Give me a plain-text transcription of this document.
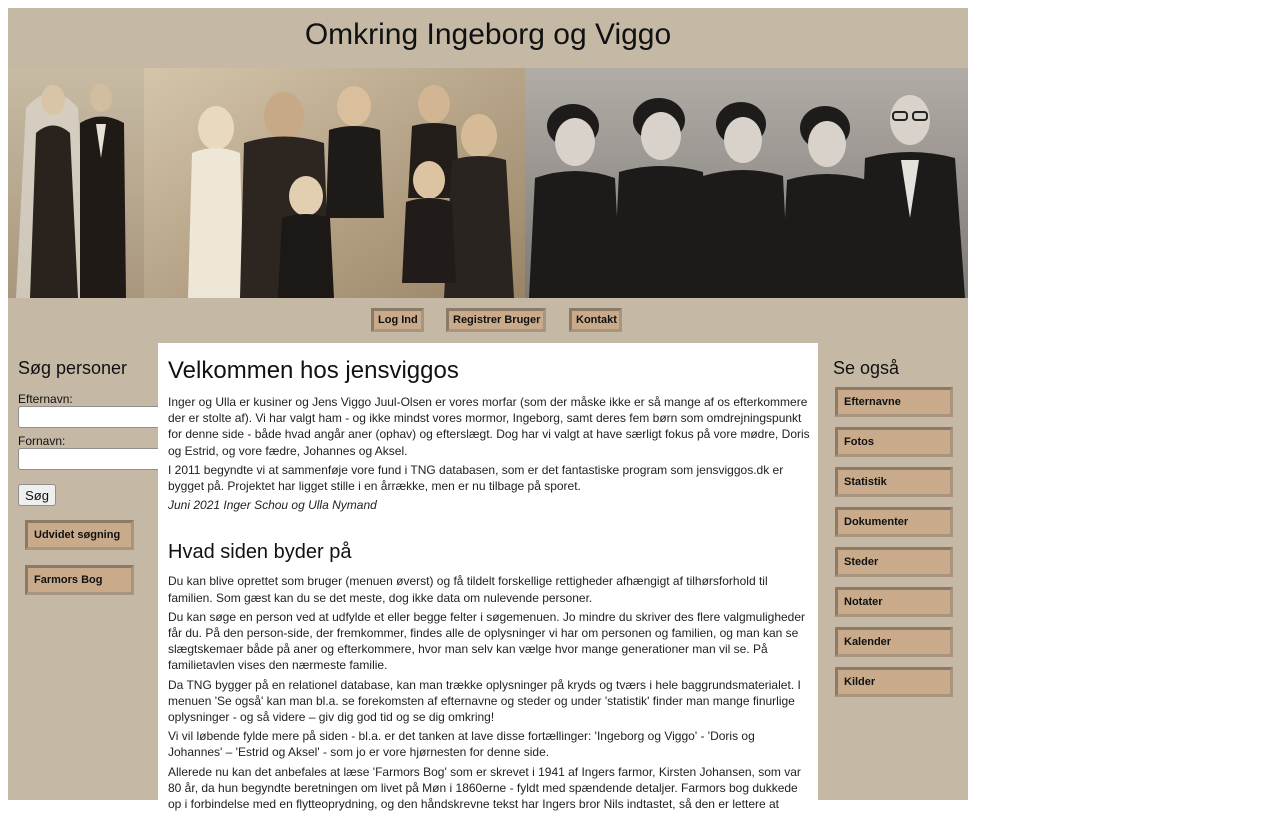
Omkring Ingeborg og Viggo
Log Ind	Registrer Bruger	Kontakt
Søg personer
Efternavn:
Fornavn:
Søg
Udvidet søgning
Farmors Bog
Velkommen hos jensviggos

Inger og Ulla er kusiner og Jens Viggo Juul-Olsen er vores morfar (som der måske ikke er så mange af os efterkommere der er stolte af). Vi har valgt ham - og ikke mindst vores mormor, Ingeborg, samt deres fem børn som omdrejningspunkt for denne side - både hvad angår aner (ophav) og efterslægt. Dog har vi valgt at have særligt fokus på vore mødre, Doris og Estrid, og vore fædre, Johannes og Aksel.

I 2011 begyndte vi at sammenføje vore fund i TNG databasen, som er det fantastiske program som jensviggos.dk er bygget på. Projektet har ligget stille i en årrække, men er nu tilbage på sporet.

Juni 2021 Inger Schou og Ulla Nymand

Hvad siden byder på

Du kan blive oprettet som bruger (menuen øverst) og få tildelt forskellige rettigheder afhængigt af tilhørsforhold til familien. Som gæst kan du se det meste, dog ikke data om nulevende personer.

Du kan søge en person ved at udfylde et eller begge felter i søgemenuen. Jo mindre du skriver des flere valgmuligheder får du. På den person-side, der fremkommer, findes alle de oplysninger vi har om personen og familien, og man kan se slægtskemaer både på aner og efterkommere, hvor man selv kan vælge hvor mange generationer man vil se. På familietavlen vises den nærmeste familie.

Da TNG bygger på en relationel database, kan man trække oplysninger på kryds og tværs i hele baggrundsmaterialet. I menuen 'Se også' kan man bl.a. se forekomsten af efternavne og steder og under 'statistik' finder man mange finurlige oplysninger - og så videre – giv dig god tid og se dig omkring!

Vi vil løbende fylde mere på siden - bl.a. er det tanken at lave disse fortællinger: 'Ingeborg og Viggo' - 'Doris og Johannes' – 'Estrid og Aksel' - som jo er vore hjørnesten for denne side.

Allerede nu kan det anbefales at læse 'Farmors Bog' som er skrevet i 1941 af Ingers farmor, Kirsten Johansen, som var 80 år, da hun begyndte beretningen om livet på Møn i 1860erne - fyldt med spændende detaljer. Farmors bog dukkede op i forbindelse med en flytteoprydning, og den håndskrevne tekst har Ingers bror Nils indtastet, så den er lettere at

Se også
Efternavne
Fotos
Statistik
Dokumenter
Steder
Notater
Kalender
Kilder
